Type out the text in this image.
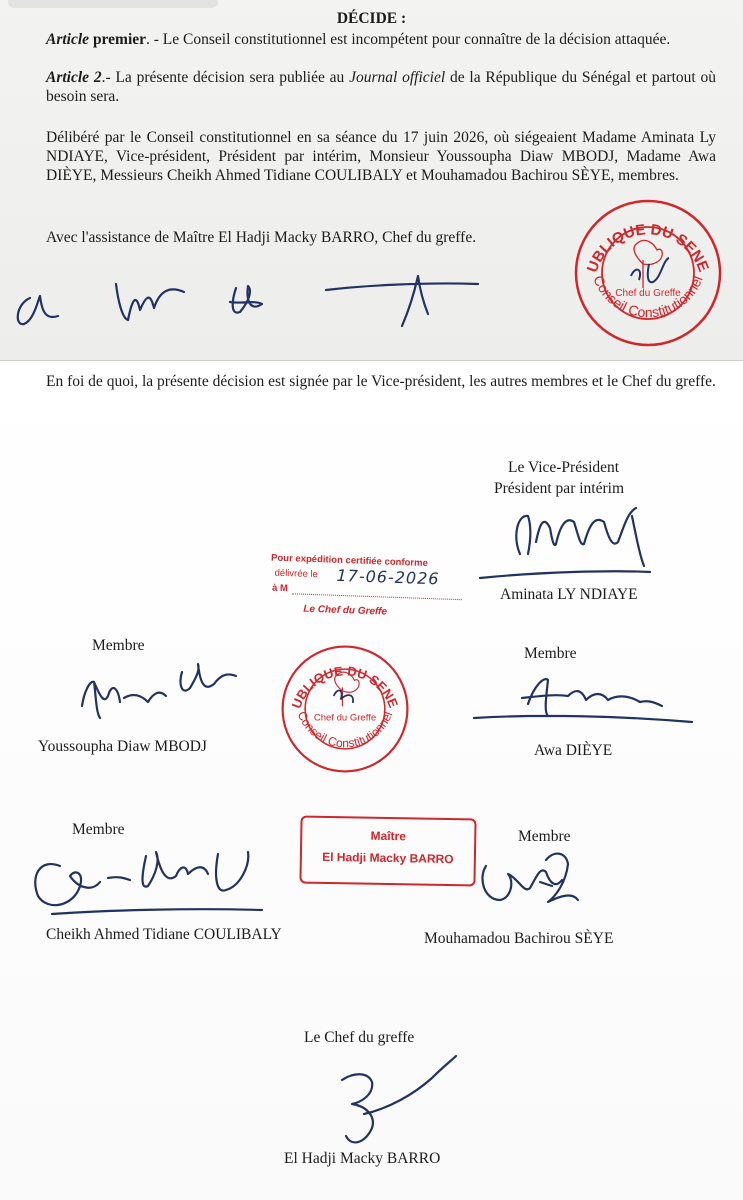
DÉCIDE :
Article premier. - Le Conseil constitutionnel est incompétent pour connaître de la décision attaquée.
Article 2.- La présente décision sera publiée au Journal officiel de la République du Sénégal et partout où besoin sera.
Délibéré par le Conseil constitutionnel en sa séance du 17 juin 2026, où siégeaient Madame Aminata Ly NDIAYE, Vice-président, Président par intérim, Monsieur Youssoupha Diaw MBODJ, Madame Awa DIÈYE, Messieurs Cheikh Ahmed Tidiane COULIBALY et Mouhamadou Bachirou SÈYE, membres.
Avec l'assistance de Maître El Hadji Macky BARRO, Chef du greffe.
REPUBLIQUE DU SENEGAL
Conseil Constitutionnel
Chef du Greffe
En foi de quoi, la présente décision est signée par le Vice-président, les autres membres et le Chef du greffe.
Le Vice-Président
Président par intérim
Aminata LY NDIAYE
Membre
Youssoupha Diaw MBODJ
Membre
Awa DIÈYE
Membre
Cheikh Ahmed Tidiane COULIBALY
Membre
Mouhamadou Bachirou SÈYE
Le Chef du greffe
El Hadji Macky BARRO
Pour expédition certifiée conforme
délivrée le 17-06-2026
à M
Le Chef du Greffe
REPUBLIQUE DU SENEGAL
Conseil Constitutionnel
Chef du Greffe
Maître
El Hadji Macky BARRO
